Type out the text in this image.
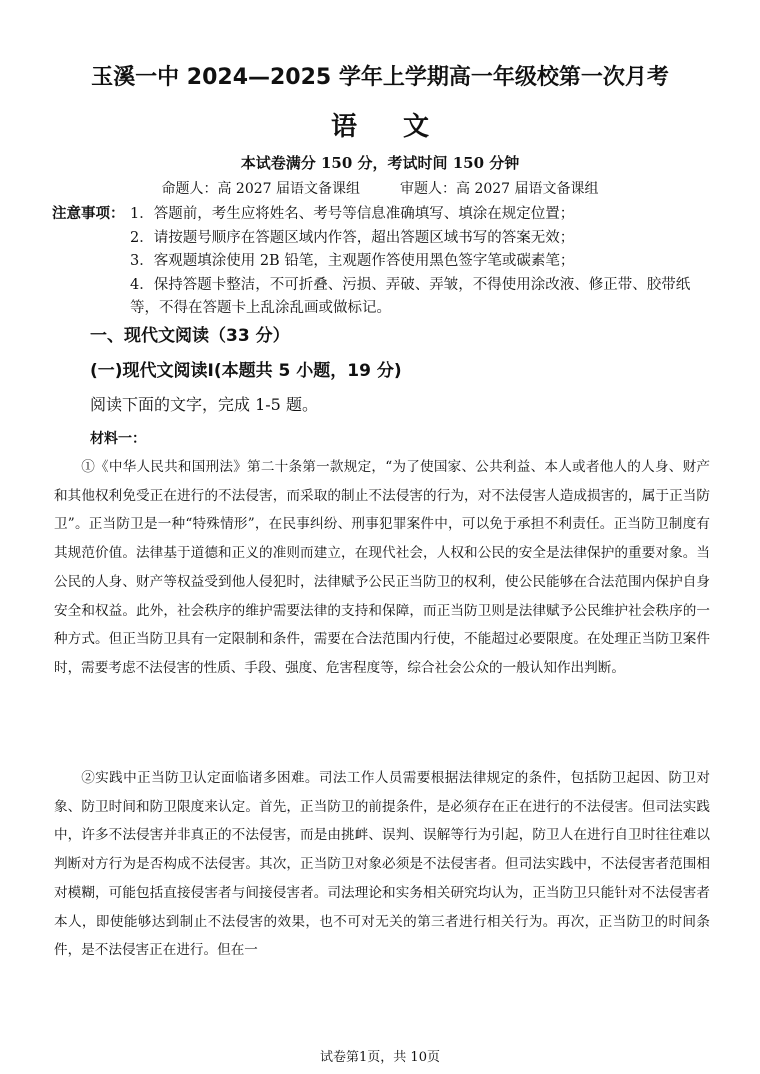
玉溪一中 2024—2025 学年上学期高一年级校第一次月考
语文
本试卷满分 150 分，考试时间 150 分钟
命题人：高 2027 届语文备课组	审题人：高 2027 届语文备课组
注意事项： 1．答题前，考生应将姓名、考号等信息准确填写、填涂在规定位置；
2．请按题号顺序在答题区域内作答，超出答题区域书写的答案无效；
3．客观题填涂使用 2B 铅笔，主观题作答使用黑色签字笔或碳素笔；
4．保持答题卡整洁，不可折叠、污损、弄破、弄皱，不得使用涂改液、修正带、胶带纸等，不得在答题卡上乱涂乱画或做标记。
一、现代文阅读（33 分）
(一)现代文阅读Ⅰ(本题共 5 小题，19 分)
阅读下面的文字，完成 1-5 题。
材料一：

①《中华人民共和国刑法》第二十条第一款规定，“为了使国家、公共利益、本人或者他人的人身、财产和其他权利免受正在进行的不法侵害，而采取的制止不法侵害的行为，对不法侵害人造成损害的，属于正当防卫”。正当防卫是一种“特殊情形”，在民事纠纷、刑事犯罪案件中，可以免于承担不利责任。正当防卫制度有其规范价值。法律基于道德和正义的准则而建立，在现代社会，人权和公民的安全是法律保护的重要对象。当公民的人身、财产等权益受到他人侵犯时，法律赋予公民正当防卫的权利，使公民能够在合法范围内保护自身安全和权益。此外，社会秩序的维护需要法律的支持和保障，而正当防卫则是法律赋予公民维护社会秩序的一种方式。但正当防卫具有一定限制和条件，需要在合法范围内行使，不能超过必要限度。在处理正当防卫案件时，需要考虑不法侵害的性质、手段、强度、危害程度等，综合社会公众的一般认知作出判断。

②实践中正当防卫认定面临诸多困难。司法工作人员需要根据法律规定的条件，包括防卫起因、防卫对象、防卫时间和防卫限度来认定。首先，正当防卫的前提条件，是必须存在正在进行的不法侵害。但司法实践中，许多不法侵害并非真正的不法侵害，而是由挑衅、误判、误解等行为引起，防卫人在进行自卫时往往难以判断对方行为是否构成不法侵害。其次，正当防卫对象必须是不法侵害者。但司法实践中，不法侵害者范围相对模糊，可能包括直接侵害者与间接侵害者。司法理论和实务相关研究均认为，正当防卫只能针对不法侵害者本人，即使能够达到制止不法侵害的效果，也不可对无关的第三者进行相关行为。再次，正当防卫的时间条件，是不法侵害正在进行。但在一

试卷第1页，共 10页
